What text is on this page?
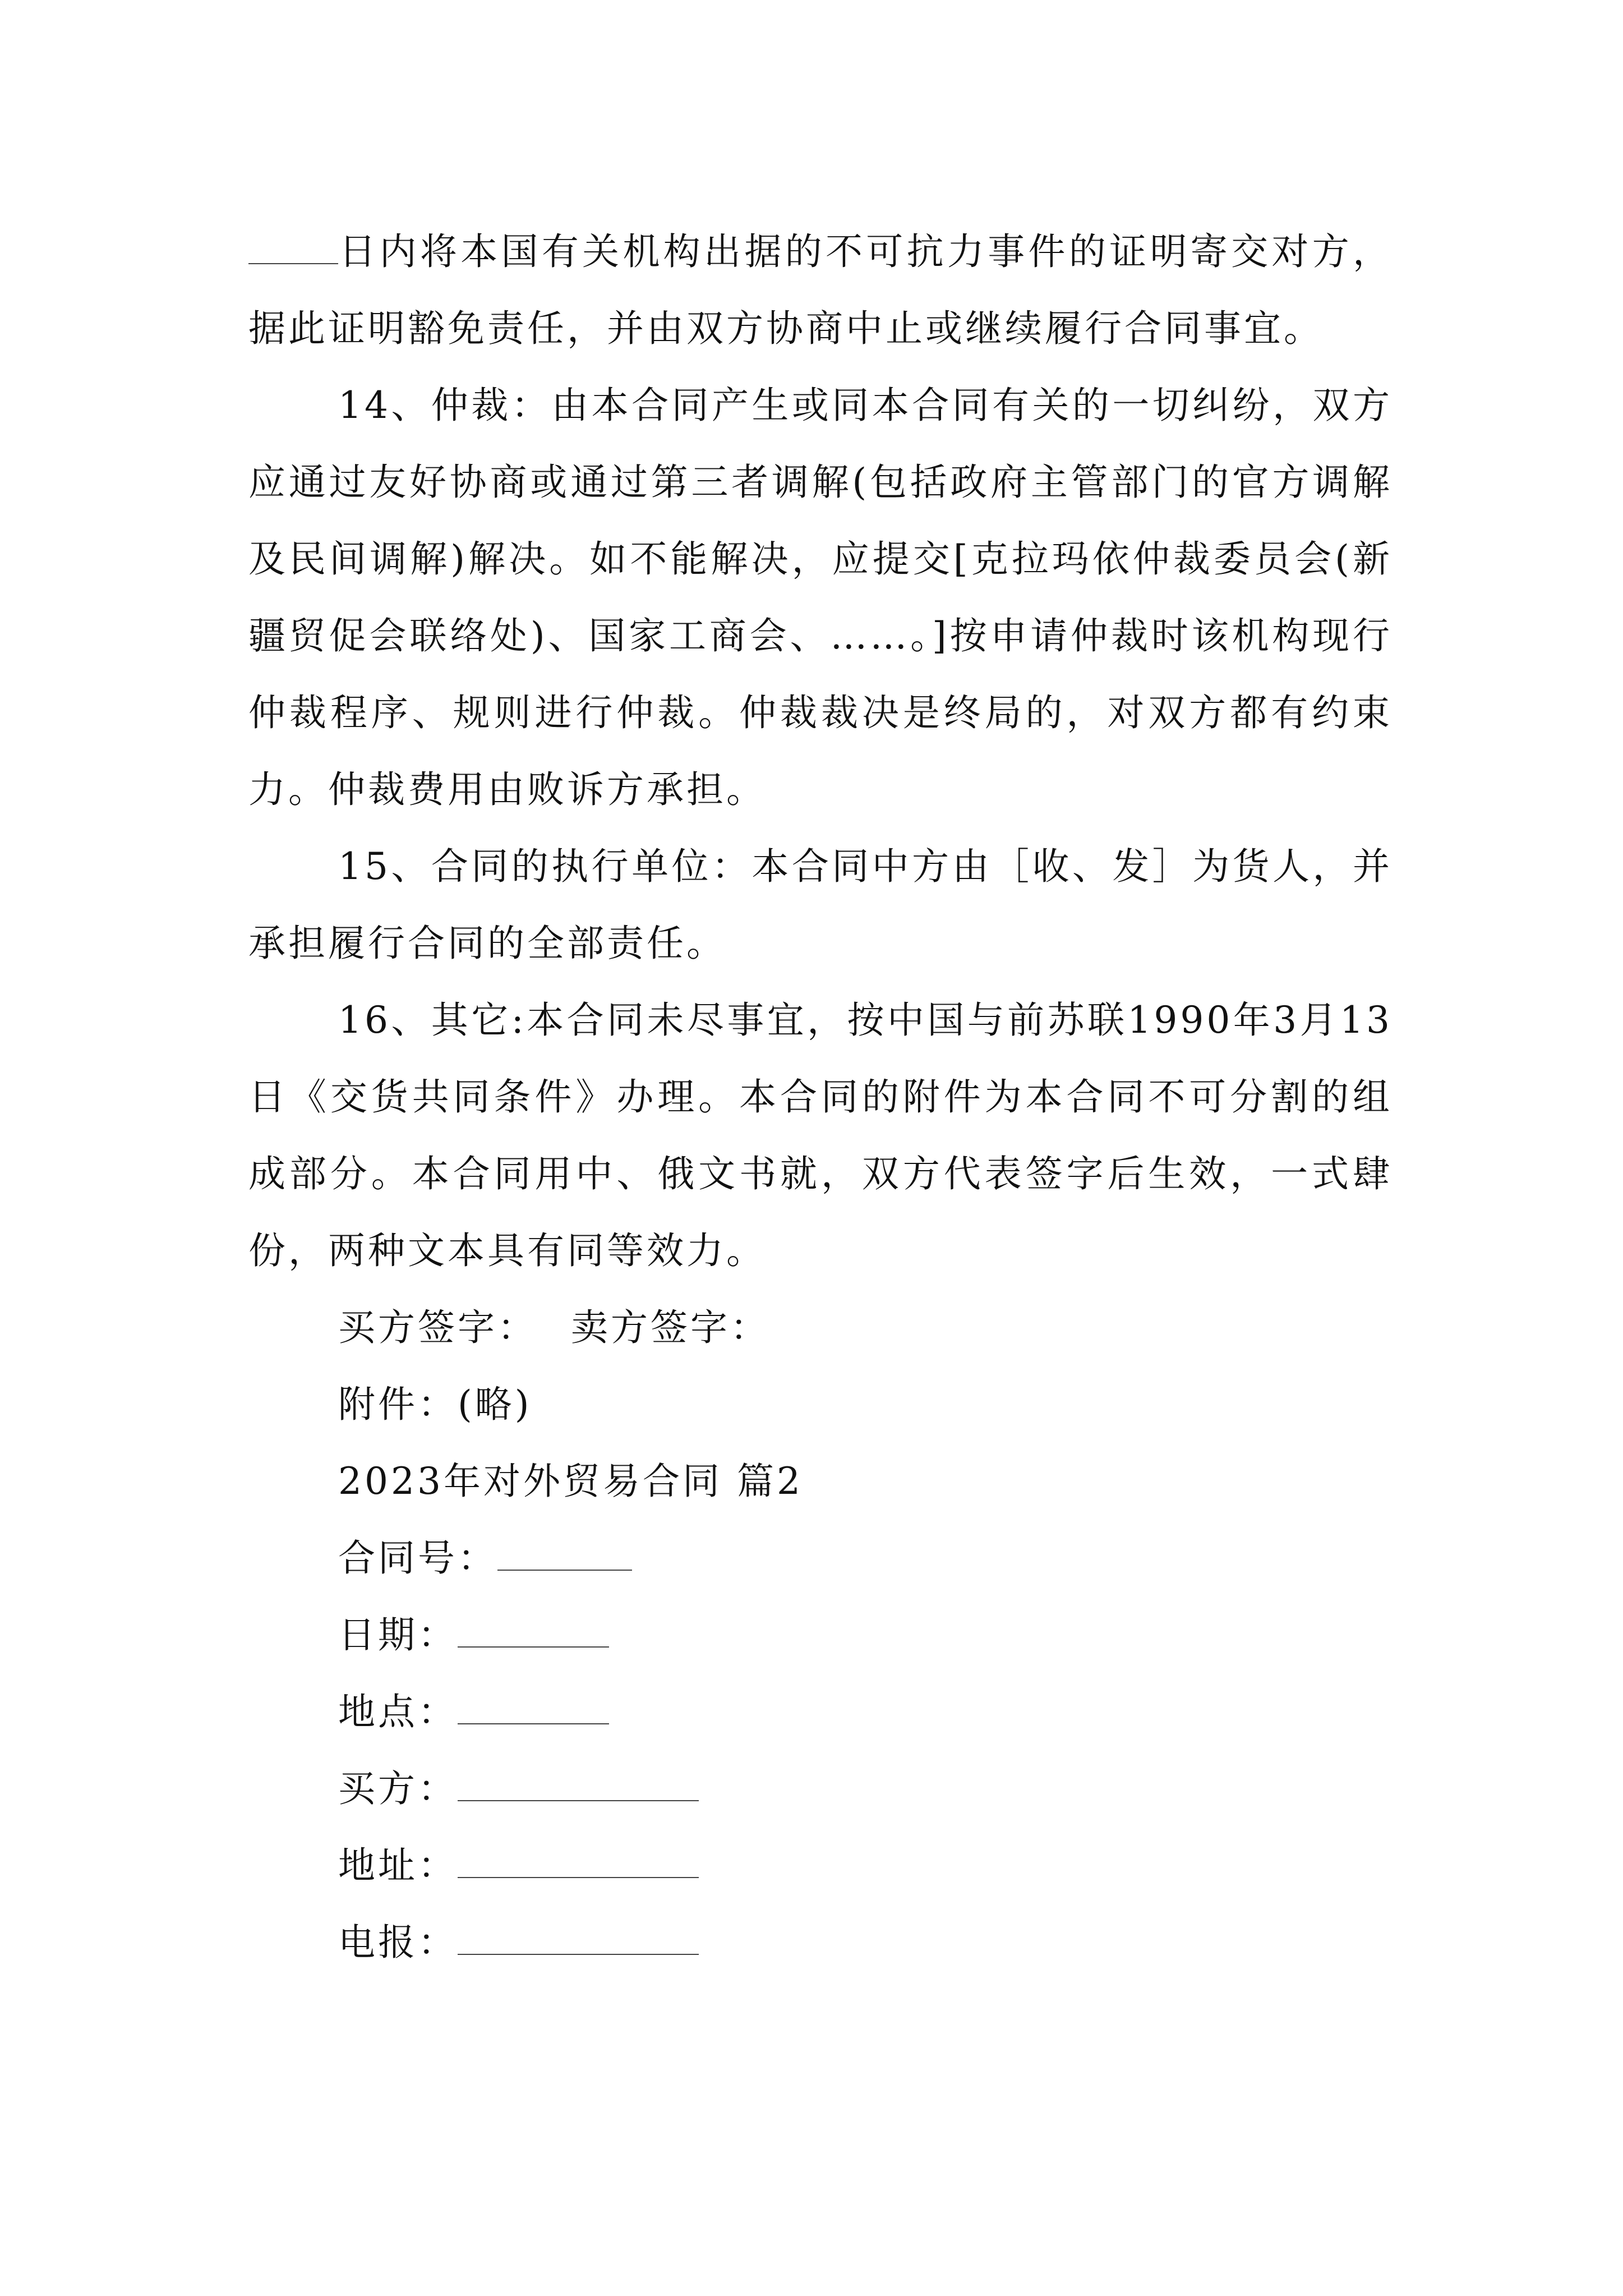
日内将本国有关机构出据的不可抗力事件的证明寄交对方，据此证明豁免责任，并由双方协商中止或继续履行合同事宜。

14、仲裁：由本合同产生或同本合同有关的一切纠纷，双方应通过友好协商或通过第三者调解(包括政府主管部门的官方调解及民间调解)解决。如不能解决，应提交[克拉玛依仲裁委员会(新疆贸促会联络处)、国家工商会、……。]按申请仲裁时该机构现行仲裁程序、规则进行仲裁。仲裁裁决是终局的，对双方都有约束力。仲裁费用由败诉方承担。

15、合同的执行单位：本合同中方由［收、发］为货人，并承担履行合同的全部责任。

16、其它:本合同未尽事宜，按中国与前苏联1990年3月13日《交货共同条件》办理。本合同的附件为本合同不可分割的组成部分。本合同用中、俄文书就，双方代表签字后生效，一式肆份，两种文本具有同等效力。

买方签字： 卖方签字：

附件：(略)

2023年对外贸易合同 篇2

合同号：

日期：

地点：

买方：

地址：

电报：
